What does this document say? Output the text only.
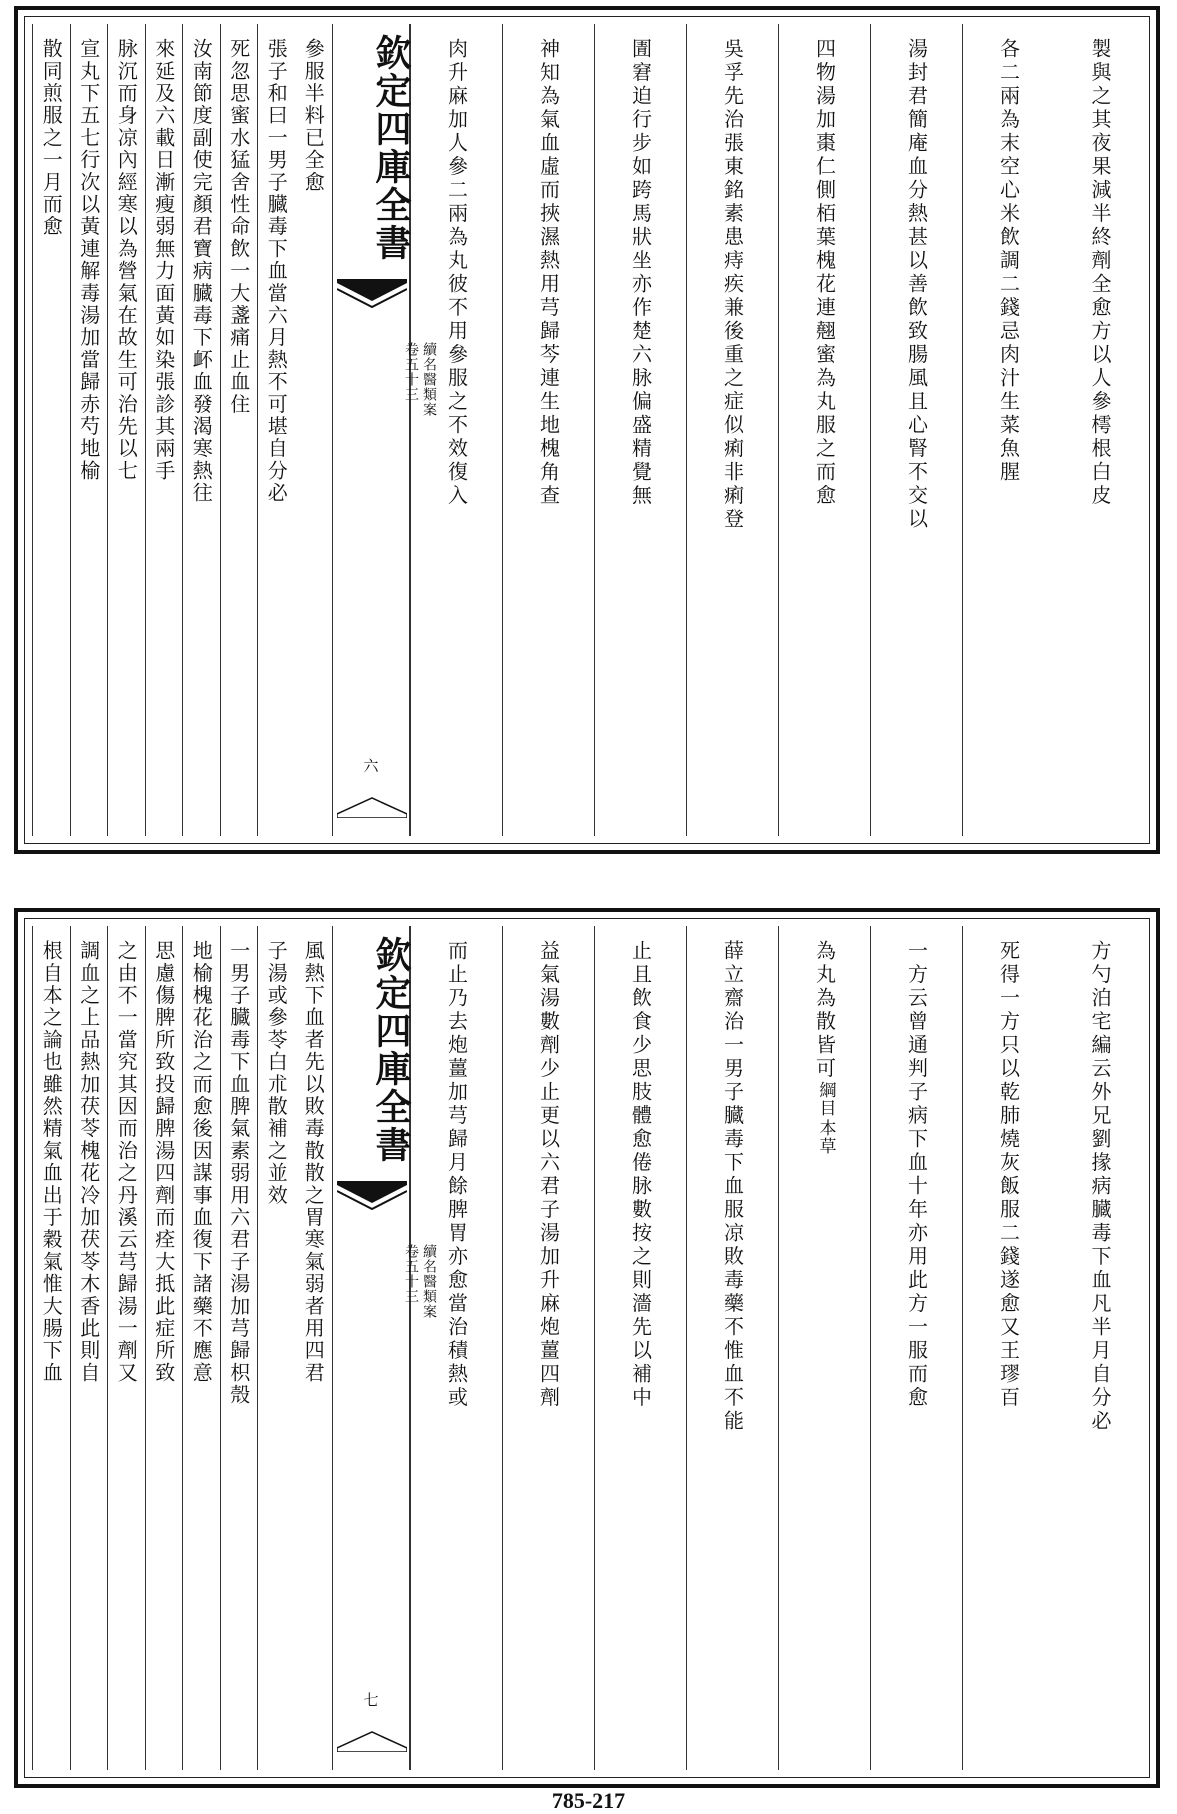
製與之其夜果減半終劑全愈方以人參樗根白皮
各二兩為末空心米飲調二錢忌肉汁生菜魚腥
湯封君簡庵血分熱甚以善飲致腸風且心腎不交以
四物湯加棗仁側栢葉槐花連翹蜜為丸服之而愈
吳孚先治張東銘素患痔疾兼後重之症似痢非痢登
圊窘迫行步如跨馬狀坐亦作楚六脉偏盛精覺無
神知為氣血虛而挾濕熱用芎歸芩連生地槐角查
肉升麻加人參二兩為丸彼不用參服之不效復入
欽定四庫全書
續名醫類案
卷五十三
六
參服半料已全愈
張子和曰一男子臓毒下血當六月熱不可堪自分必
死忽思蜜水猛舍性命飲一大盞痛止血住
汝南節度副使完顏君寶病臓毒下衃血發渴寒熱往
來延及六載日漸瘦弱無力面黃如染張診其兩手
脉沉而身凉內經寒以為營氣在故生可治先以七
宣丸下五七行次以黃連解毒湯加當歸赤芍地榆
散同煎服之一月而愈
方勺泊宅編云外兄劉掾病臓毒下血凡半月自分必
死得一方只以乾肺燒灰飯服二錢遂愈又王璆百
一方云曾通判子病下血十年亦用此方一服而愈
為丸為散皆可
本草
綱目
薛立齋治一男子臓毒下血服凉敗毒藥不惟血不能
止且飲食少思肢體愈倦脉數按之則濇先以補中
益氣湯數劑少止更以六君子湯加升麻炮薑四劑
而止乃去炮薑加芎歸月餘脾胃亦愈當治積熱或
欽定四庫全書
續名醫類案
卷五十三
七
風熱下血者先以敗毒散散之胃寒氣弱者用四君
子湯或參苓白朮散補之並效
一男子臓毒下血脾氣素弱用六君子湯加芎歸枳殼
地榆槐花治之而愈後因謀事血復下諸藥不應意
思慮傷脾所致投歸脾湯四劑而痊大抵此症所致
之由不一當究其因而治之丹溪云芎歸湯一劑又
調血之上品熱加茯苓槐花冷加茯苓木香此則自
根自本之論也雖然精氣血出于穀氣惟大腸下血
785-217
